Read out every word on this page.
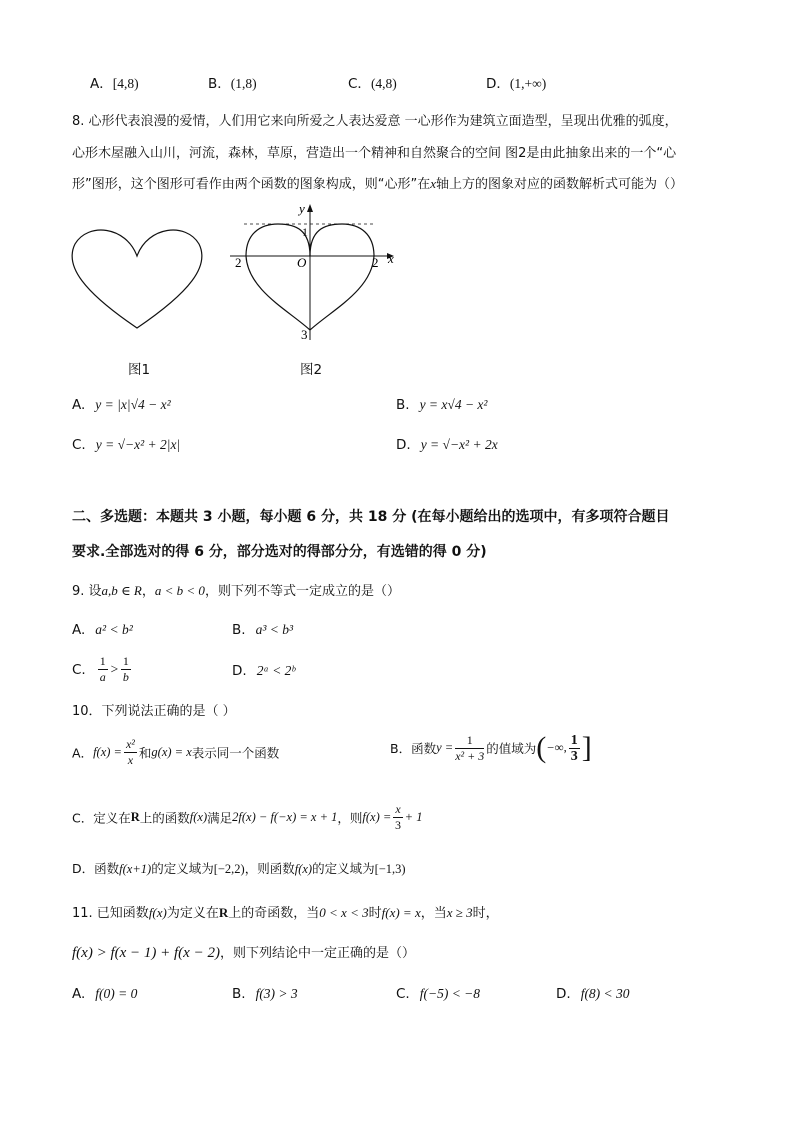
A．[4,8)	B．(1,8)	C．(4,8)	D．(1,+∞)
8. 心形代表浪漫的爱情，人们用它来向所爱之人表达爱意 一心形作为建筑立面造型，呈现出优雅的弧度，
心形木屋融入山川，河流，森林，草原，营造出一个精神和自然聚合的空间 图2是由此抽象出来的一个“心
形”图形，这个图形可看作由两个函数的图象构成，则“心形”在x轴上方的图象对应的函数解析式可能为（）
图1
y
x
1
2	O	2
3
图2
A. y = |x|√4 − x²	B. y = x√4 − x²
C. y = √−x² + 2|x|	D. y = √−x² + 2x
二、多选题：本题共 3 小题，每小题 6 分，共 18 分 (在每小题给出的选项中，有多项符合题目
要求.全部选对的得 6 分，部分选对的得部分分，有选错的得 0 分)
9. 设a,b ∈ R，a < b < 0，则下列不等式一定成立的是（）
A. a² < b²	B. a³ < b³
C. $\frac{1}{a} > \frac{1}{b}$	D. 2ᵃ < 2ᵇ
10．下列说法正确的是（ ）
A．$f(x) = \frac{\text{x²}}{x}$ 和g(x) = x表示同一个函数	B．函数$y = \frac{1}{\text{x² + 3}}$ 的值域为(−∞, $\frac{1}{3}$ ]
C．定义在R上的函数f(x)满足2f(x) − f(−x) = x + 1，则$f(x) = \frac{x}{3} + 1$
D．函数f(x+1)的定义域为[−2,2)，则函数f(x)的定义域为[−1,3)
11. 已知函数f(x)为定义在R上的奇函数，当0 < x < 3时f(x) = x，当x ≥ 3时，
f(x) > f(x − 1) + f(x − 2)，则下列结论中一定正确的是（）
A. f(0) = 0	B. f(3) > 3	C. f(−5) < −8	D. f(8) < 30
